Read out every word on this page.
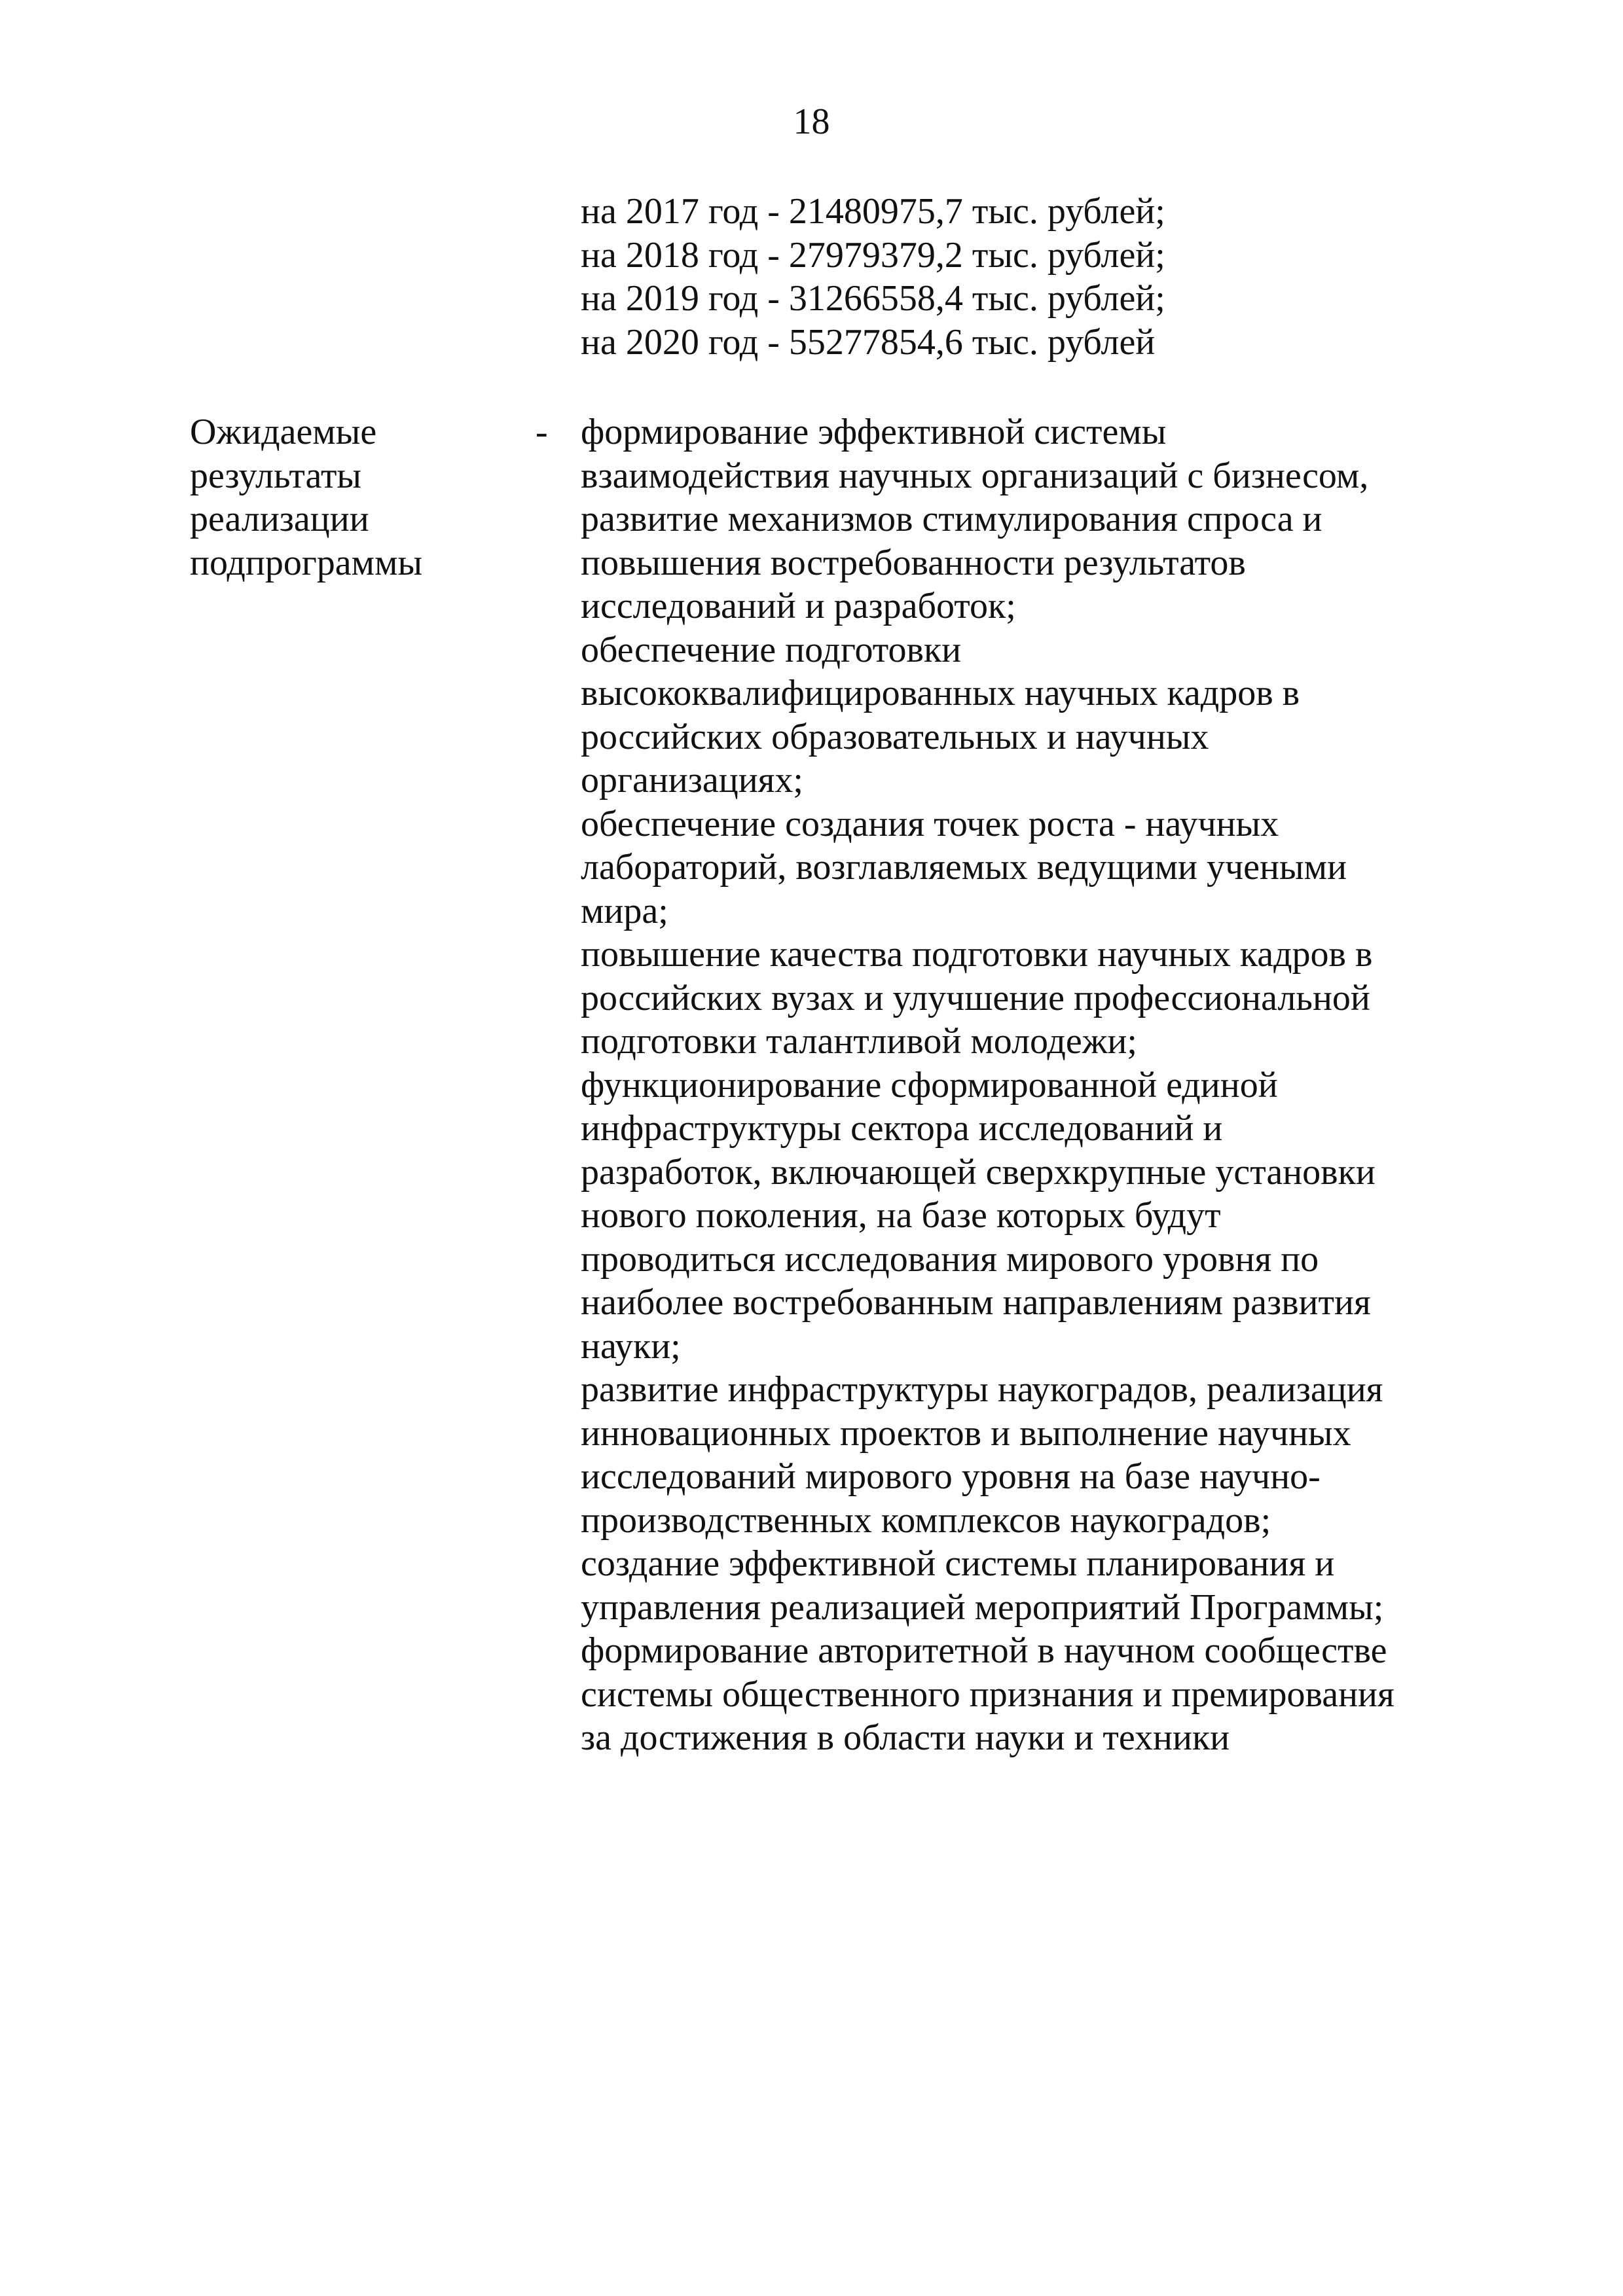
18
на 2017 год - 21480975,7 тыс. рублей;
на 2018 год - 27979379,2 тыс. рублей;
на 2019 год - 31266558,4 тыс. рублей;
на 2020 год - 55277854,6 тыс. рублей
Ожидаемые
результаты
реализации
подпрограммы
- формирование эффективной системы
взаимодействия научных организаций с бизнесом,
развитие механизмов стимулирования спроса и
повышения востребованности результатов
исследований и разработок;
обеспечение подготовки
высококвалифицированных научных кадров в
российских образовательных и научных
организациях;
обеспечение создания точек роста - научных
лабораторий, возглавляемых ведущими учеными
мира;
повышение качества подготовки научных кадров в
российских вузах и улучшение профессиональной
подготовки талантливой молодежи;
функционирование сформированной единой
инфраструктуры сектора исследований и
разработок, включающей сверхкрупные установки
нового поколения, на базе которых будут
проводиться исследования мирового уровня по
наиболее востребованным направлениям развития
науки;
развитие инфраструктуры наукоградов, реализация
инновационных проектов и выполнение научных
исследований мирового уровня на базе научно-
производственных комплексов наукоградов;
создание эффективной системы планирования и
управления реализацией мероприятий Программы;
формирование авторитетной в научном сообществе
системы общественного признания и премирования
за достижения в области науки и техники
